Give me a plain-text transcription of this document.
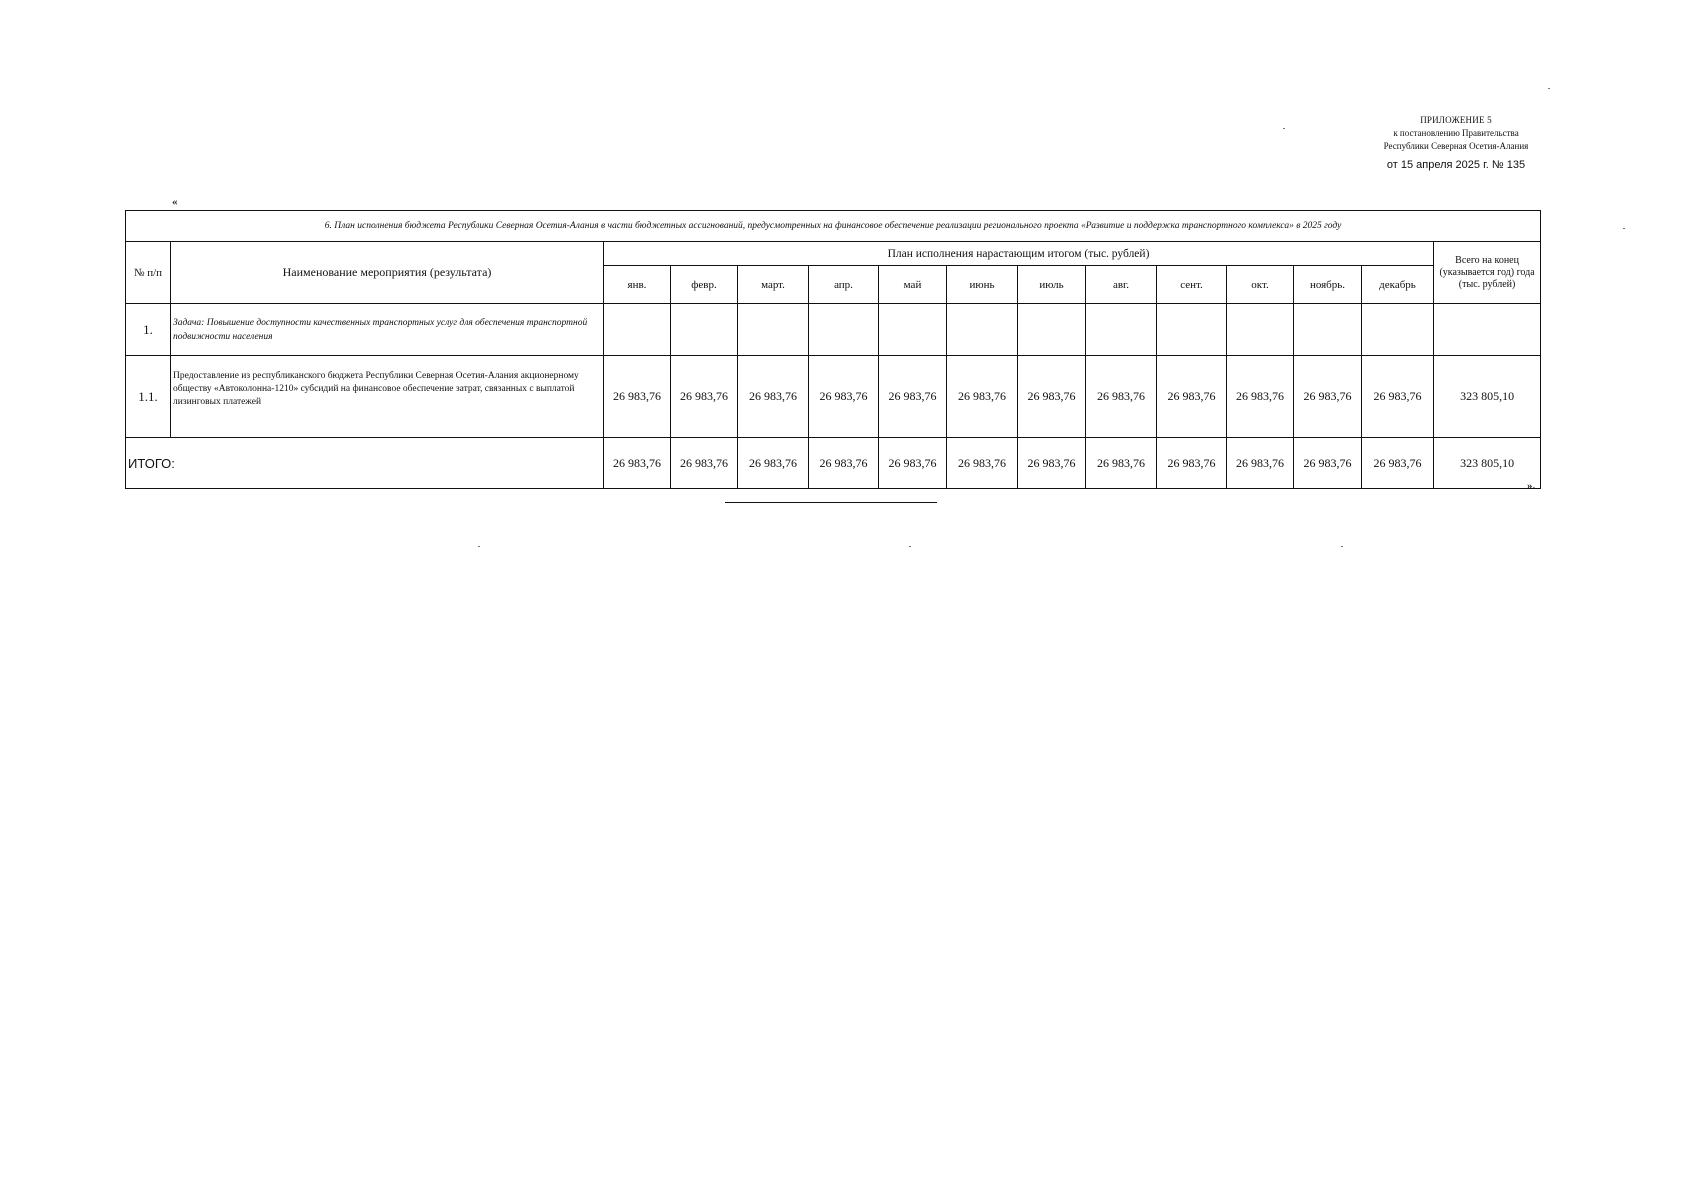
ПРИЛОЖЕНИЕ 5
к постановлению Правительства
Республики Северная Осетия-Алания
от 15 апреля 2025 г. № 135
«
6. План исполнения бюджета Республики Северная Осетия-Алания в части бюджетных ассигнований, предусмотренных на финансовое обеспечение реализации регионального проекта «Развитие и поддержка транспортного комплекса» в 2025 году														
№ п/п	Наименование мероприятия (результата)	План исполнения нарастающим итогом (тыс. рублей)												Всего на конец (указывается год) года (тыс. рублей)
		янв.	февр.	март.	апр.	май	июнь	июль	авг.	сент.	окт.	ноябрь.	декабрь	
1.	Задача: Повышение доступности качественных транспортных услуг для обеспечения транспортной подвижности населения													
1.1.	Предоставление из республиканского бюджета Республики Северная Осетия-Алания акционерному обществу «Автоколонна-1210» субсидий на финансовое обеспечение затрат, связанных с выплатой лизинговых платежей	26 983,76	26 983,76	26 983,76	26 983,76	26 983,76	26 983,76	26 983,76	26 983,76	26 983,76	26 983,76	26 983,76	26 983,76	323 805,10
ИТОГО:		26 983,76	26 983,76	26 983,76	26 983,76	26 983,76	26 983,76	26 983,76	26 983,76	26 983,76	26 983,76	26 983,76	26 983,76	323 805,10
».
